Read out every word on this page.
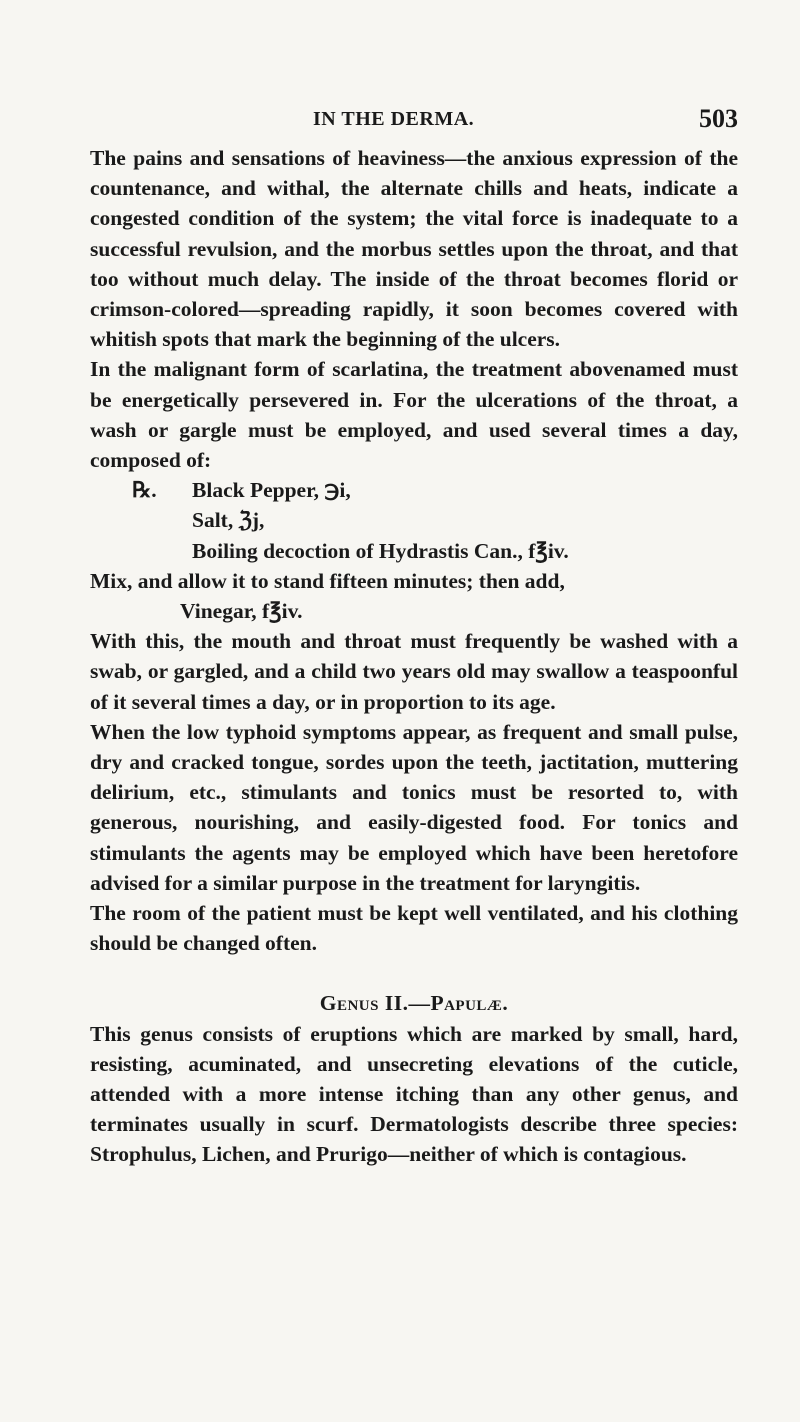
IN THE DERMA.	503

The pains and sensations of heaviness—the anxious expression of the countenance, and withal, the alternate chills and heats, indicate a congested condition of the system; the vital force is inadequate to a successful revulsion, and the morbus settles upon the throat, and that too without much delay. The inside of the throat becomes florid or crimson-colored—spreading rapidly, it soon becomes covered with whitish spots that mark the beginning of the ulcers.

In the malignant form of scarlatina, the treatment abovenamed must be energetically persevered in. For the ulcerations of the throat, a wash or gargle must be employed, and used several times a day, composed of:

℞. Black Pepper, ℈i,
Salt, ℨj,
Boiling decoction of Hydrastis Can., f℥iv.

Mix, and allow it to stand fifteen minutes; then add,

Vinegar, f℥iv.

With this, the mouth and throat must frequently be washed with a swab, or gargled, and a child two years old may swallow a teaspoonful of it several times a day, or in proportion to its age.

When the low typhoid symptoms appear, as frequent and small pulse, dry and cracked tongue, sordes upon the teeth, jactitation, muttering delirium, etc., stimulants and tonics must be resorted to, with generous, nourishing, and easily-digested food. For tonics and stimulants the agents may be employed which have been heretofore advised for a similar purpose in the treatment for laryngitis.

The room of the patient must be kept well ventilated, and his clothing should be changed often.

Genus II.—Papulæ.

This genus consists of eruptions which are marked by small, hard, resisting, acuminated, and unsecreting elevations of the cuticle, attended with a more intense itching than any other genus, and terminates usually in scurf. Dermatologists describe three species: Strophulus, Lichen, and Prurigo—neither of which is contagious.
